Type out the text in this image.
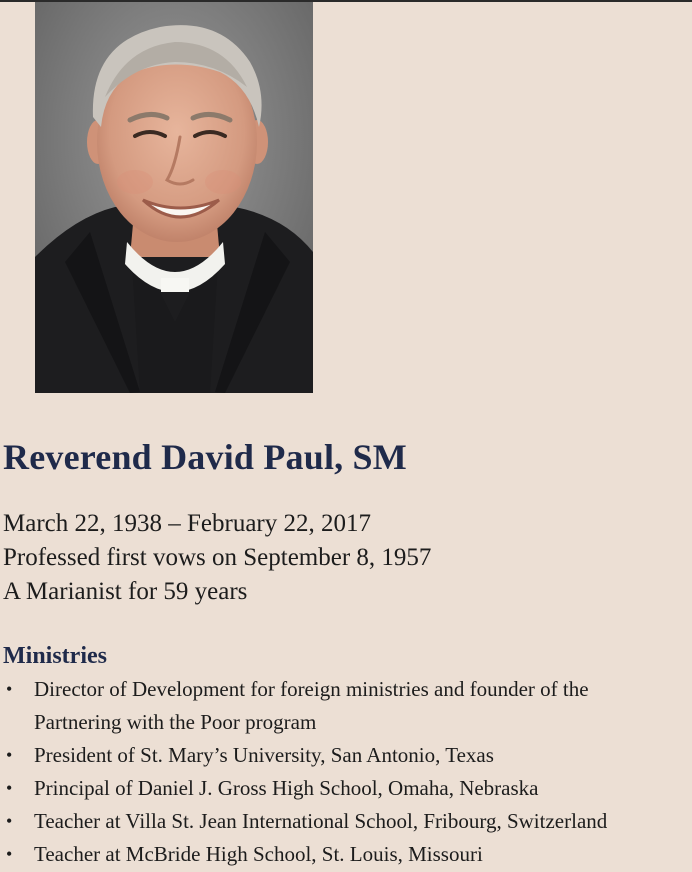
Reverend David Paul, SM
March 22, 1938 – February 22, 2017
Professed first vows on September 8, 1957
A Marianist for 59 years
Ministries
• Director of Development for foreign ministries and founder of the
Partnering with the Poor program
• President of St. Mary’s University, San Antonio, Texas
• Principal of Daniel J. Gross High School, Omaha, Nebraska
• Teacher at Villa St. Jean International School, Fribourg, Switzerland
• Teacher at McBride High School, St. Louis, Missouri
